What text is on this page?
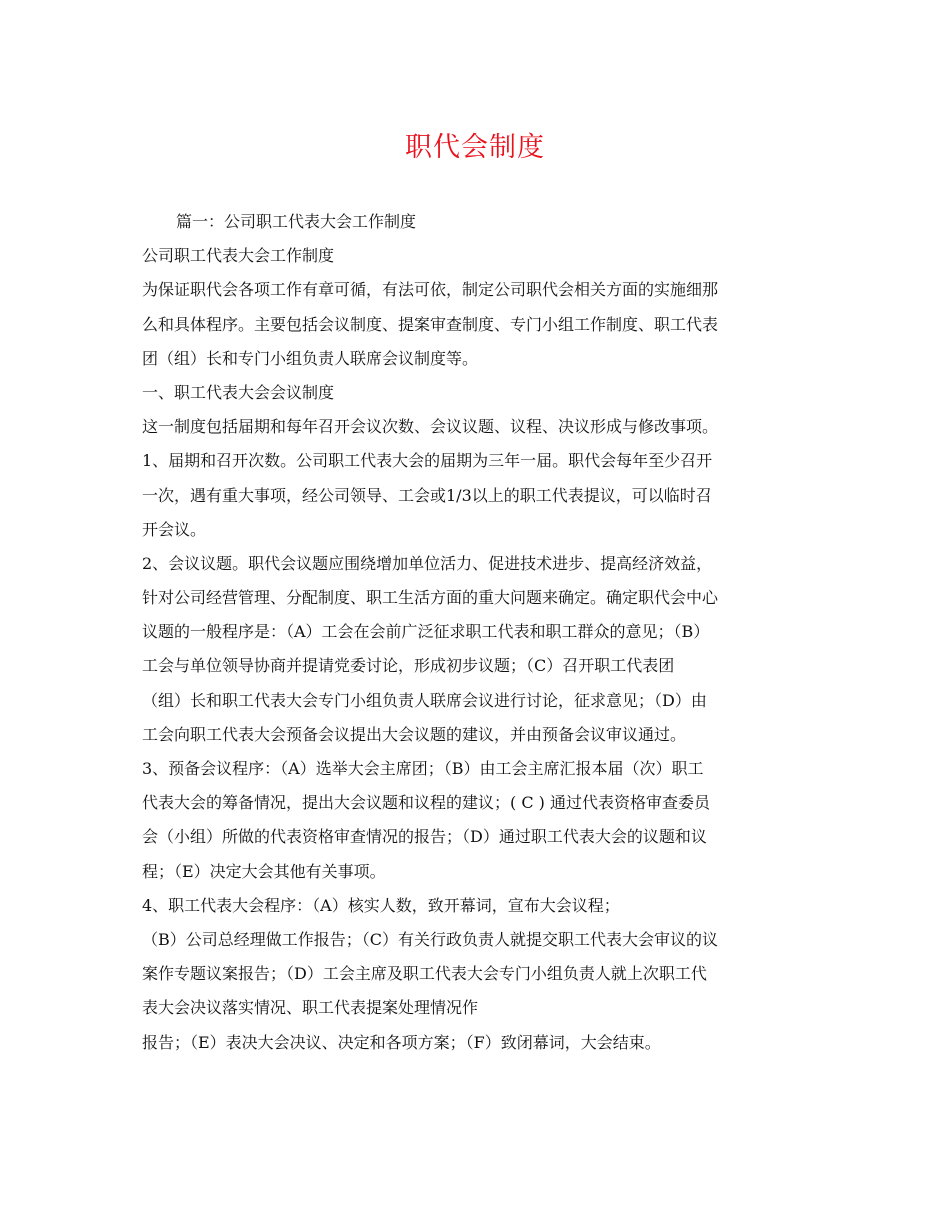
职代会制度
篇一：公司职工代表大会工作制度
公司职工代表大会工作制度
为保证职代会各项工作有章可循，有法可依，制定公司职代会相关方面的实施细那
么和具体程序。主要包括会议制度、提案审查制度、专门小组工作制度、职工代表
团（组）长和专门小组负责人联席会议制度等。
一、职工代表大会会议制度
这一制度包括届期和每年召开会议次数、会议议题、议程、决议形成与修改事项。
1、届期和召开次数。公司职工代表大会的届期为三年一届。职代会每年至少召开
一次，遇有重大事项，经公司领导、工会或1/3以上的职工代表提议，可以临时召
开会议。
2、会议议题。职代会议题应围绕增加单位活力、促进技术进步、提高经济效益，
针对公司经营管理、分配制度、职工生活方面的重大问题来确定。确定职代会中心
议题的一般程序是：（A）工会在会前广泛征求职工代表和职工群众的意见；（B）
工会与单位领导协商并提请党委讨论，形成初步议题；（C）召开职工代表团
（组）长和职工代表大会专门小组负责人联席会议进行讨论，征求意见；（D）由
工会向职工代表大会预备会议提出大会议题的建议，并由预备会议审议通过。
3、预备会议程序：（A）选举大会主席团；（B）由工会主席汇报本届（次）职工
代表大会的筹备情况，提出大会议题和议程的建议；( C ) 通过代表资格审查委员
会（小组）所做的代表资格审查情况的报告；（D）通过职工代表大会的议题和议
程；（E）决定大会其他有关事项。
4、职工代表大会程序：（A）核实人数，致开幕词，宣布大会议程；
（B）公司总经理做工作报告；（C）有关行政负责人就提交职工代表大会审议的议
案作专题议案报告；（D）工会主席及职工代表大会专门小组负责人就上次职工代
表大会决议落实情况、职工代表提案处理情况作
报告；（E）表决大会决议、决定和各项方案；（F）致闭幕词，大会结束。
